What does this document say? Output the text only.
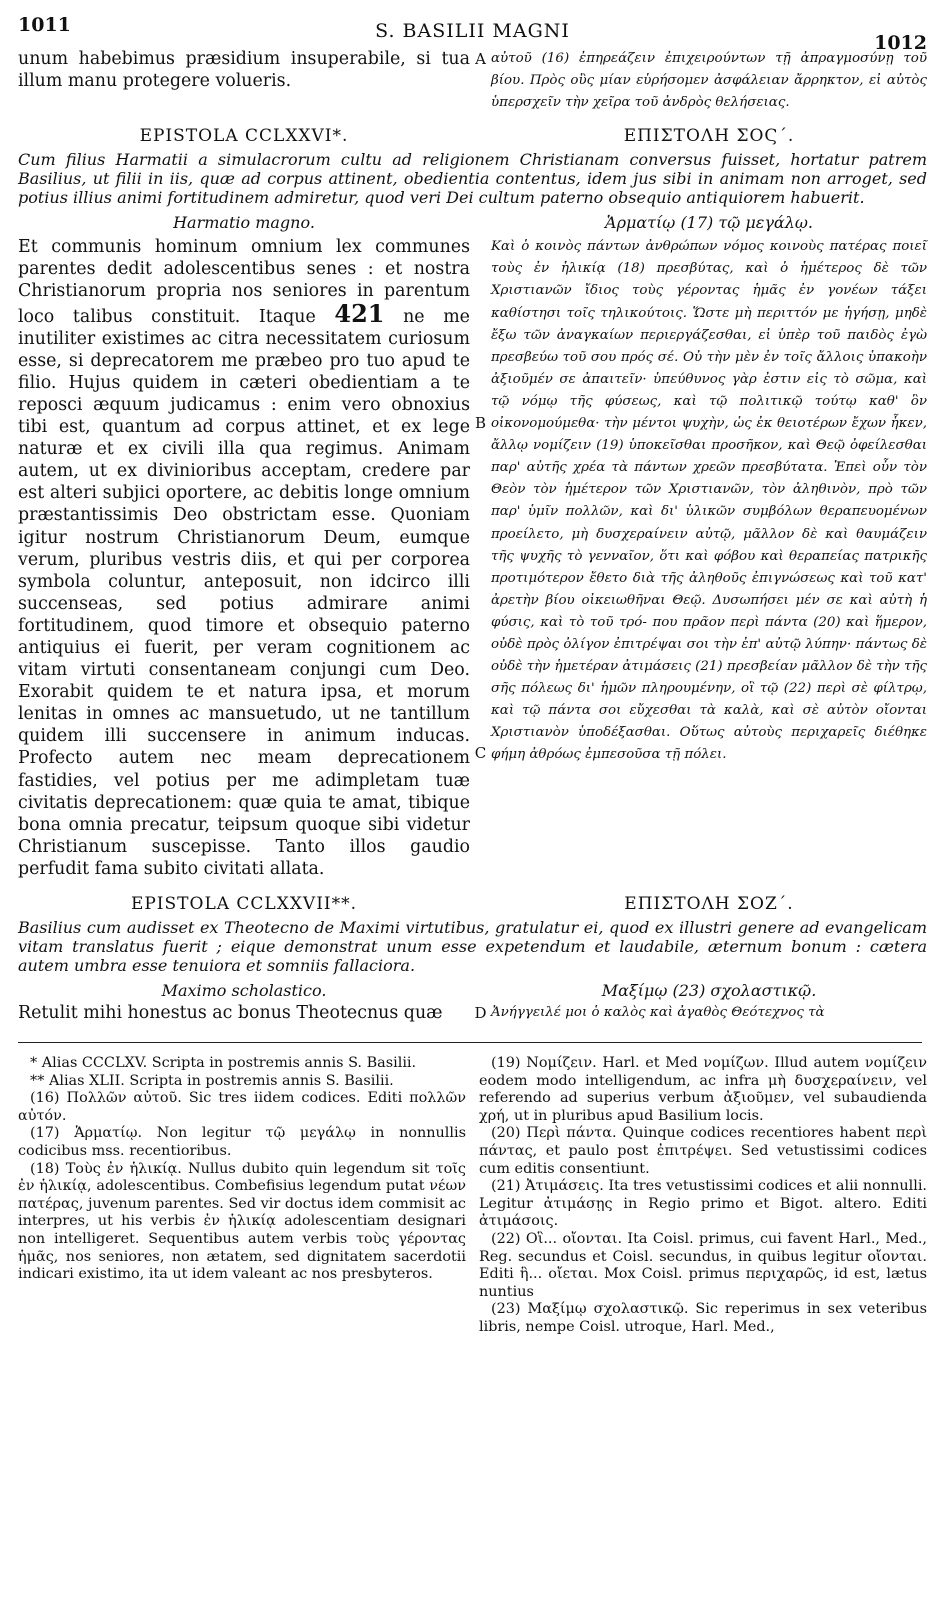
1011	S. BASILII MAGNI
1012
unum habebimus præsidium insuperabile, si tua illum manu protegere volueris.
A αὐτοῦ (16) ἐπηρεάζειν ἐπιχειρούντων τῇ ἀπραγμοσύνῃ τοῦ βίου. Πρὸς οὓς μίαν εὑρήσομεν ἀσφάλειαν ἄρρηκτον, εἰ αὐτὸς ὑπερσχεῖν τὴν χεῖρα τοῦ ἀνδρὸς θελήσειας.
EPISTOLA CCLXXVI*.	ΕΠΙΣΤΟΛΗ ΣΟϚ΄.
Cum filius Harmatii a simulacrorum cultu ad religionem Christianam conversus fuisset, hortatur patrem Basilius, ut filii in iis, quæ ad corpus attinent, obedientia contentus, idem jus sibi in animam non arroget, sed potius illius animi fortitudinem admiretur, quod veri Dei cultum paterno obsequio antiquiorem habuerit.
Harmatio magno.	Ἁρματίῳ (17) τῷ μεγάλῳ.
Et communis hominum omnium lex communes parentes dedit adolescentibus senes : et nostra Christianorum propria nos seniores in parentum loco talibus constituit. Itaque 421 ne me inutiliter existimes ac citra necessitatem curiosum esse, si deprecatorem me præbeo pro tuo apud te filio. Hujus quidem in cæteri obedientiam a te reposci æquum judicamus : enim vero obnoxius tibi est, quantum ad corpus attinet, et ex lege naturæ et ex civili illa qua regimus. Animam autem, ut ex divinioribus acceptam, credere par est alteri subjici oportere, ac debitis longe omnium præstantissimis Deo obstrictam esse. Quoniam igitur nostrum Christianorum Deum, eumque verum, pluribus vestris diis, et qui per corporea symbola coluntur, anteposuit, non idcirco illi succenseas, sed potius admirare animi fortitudinem, quod timore et obsequio paterno antiquius ei fuerit, per veram cognitionem ac vitam virtuti consentaneam conjungi cum Deo. Exorabit quidem te et natura ipsa, et morum lenitas in omnes ac mansuetudo, ut ne tantillum quidem illi succensere in animum inducas. Profecto autem nec meam deprecationem fastidies, vel potius per me adimpletam tuæ civitatis deprecationem: quæ quia te amat, tibique bona omnia precatur, teipsum quoque sibi videtur Christianum suscepisse. Tanto illos gaudio perfudit fama subito civitati allata.
B
C
Καὶ ὁ κοινὸς πάντων ἀνθρώπων νόμος κοινοὺς πατέρας ποιεῖ τοὺς ἐν ἡλικίᾳ (18) πρεσβύτας, καὶ ὁ ἡμέτερος δὲ τῶν Χριστιανῶν ἴδιος τοὺς γέροντας ἡμᾶς ἐν γονέων τάξει καθίστησι τοῖς τηλικούτοις. Ὥστε μὴ περιττόν με ἡγήσῃ, μηδὲ ἔξω τῶν ἀναγκαίων περιεργάζεσθαι, εἰ ὑπὲρ τοῦ παιδὸς ἐγὼ πρεσβεύω τοῦ σου πρός σέ. Οὐ τὴν μὲν ἐν τοῖς ἄλλοις ὑπακοὴν ἀξιοῦμέν σε ἀπαιτεῖν· ὑπεύθυνος γὰρ ἐστιν εἰς τὸ σῶμα, καὶ τῷ νόμῳ τῆς φύσεως, καὶ τῷ πολιτικῷ τούτῳ καθ' ὃν οἰκονομούμεθα· τὴν μέντοι ψυχὴν, ὡς ἐκ θειοτέρων ἔχων ἧκεν, ἄλλῳ νομίζειν (19) ὑποκεῖσθαι προσῆκον, καὶ Θεῷ ὀφείλεσθαι παρ' αὐτῆς χρέα τὰ πάντων χρεῶν πρεσβύτατα. Ἐπεὶ οὖν τὸν Θεὸν τὸν ἡμέτερον τῶν Χριστιανῶν, τὸν ἀληθινὸν, πρὸ τῶν παρ' ὑμῖν πολλῶν, καὶ δι' ὑλικῶν συμβόλων θεραπευομένων προείλετο, μὴ δυσχεραίνειν αὐτῷ, μᾶλλον δὲ καὶ θαυμάζειν τῆς ψυχῆς τὸ γενναῖον, ὅτι καὶ φόβου καὶ θεραπείας πατρικῆς προτιμότερον ἔθετο διὰ τῆς ἀληθοῦς ἐπιγνώσεως καὶ τοῦ κατ' ἀρετὴν βίου οἰκειωθῆναι Θεῷ. Δυσωπήσει μέν σε καὶ αὐτὴ ἡ φύσις, καὶ τὸ τοῦ τρό- που πρᾶον περὶ πάντα (20) καὶ ἥμερον, οὐδὲ πρὸς ὀλίγον ἐπιτρέψαι σοι τὴν ἐπ' αὐτῷ λύπην· πάντως δὲ οὐδὲ τὴν ἡμετέραν ἀτιμάσεις (21) πρεσβείαν μᾶλλον δὲ τὴν τῆς σῆς πόλεως δι' ἡμῶν πληρουμένην, οἳ τῷ (22) περὶ σὲ φίλτρῳ, καὶ τῷ πάντα σοι εὔχεσθαι τὰ καλὰ, καὶ σὲ αὐτὸν οἴονται Χριστιανὸν ὑποδέξασθαι. Οὕτως αὐτοὺς περιχαρεῖς διέθηκε φήμη ἀθρόως ἐμπεσοῦσα τῇ πόλει.
EPISTOLA CCLXXVII**.	ΕΠΙΣΤΟΛΗ ΣΟΖ΄.
Basilius cum audisset ex Theotecno de Maximi virtutibus, gratulatur ei, quod ex illustri genere ad evangelicam vitam translatus fuerit ; eique demonstrat unum esse expetendum et laudabile, æternum bonum : cætera autem umbra esse tenuiora et somniis fallaciora.
Maximo scholastico.	Μαξίμῳ (23) σχολαστικῷ.
Retulit mihi honestus ac bonus Theotecnus quæ	D Ἀνήγγειλέ μοι ὁ καλὸς καὶ ἀγαθὸς Θεότεχνος τὰ

* Alias CCCLXV. Scripta in postremis annis S. Basilii.

** Alias XLII. Scripta in postremis annis S. Basilii.

(16) Πολλῶν αὐτοῦ. Sic tres iidem codices. Editi πολλῶν αὐτόν.

(17) Ἁρματίῳ. Non legitur τῷ μεγάλῳ in nonnullis codicibus mss. recentioribus.

(18) Τοὺς ἐν ἡλικίᾳ. Nullus dubito quin legendum sit τοῖς ἐν ἡλικίᾳ, adolescentibus. Combefisius legendum putat νέων πατέρας, juvenum parentes. Sed vir doctus idem commisit ac interpres, ut his verbis ἐν ἡλικίᾳ adolescentiam designari non intelligeret. Sequentibus autem verbis τοὺς γέροντας ἡμᾶς, nos seniores, non ætatem, sed dignitatem sacerdotii indicari existimo, ita ut idem valeant ac nos presbyteros.

(19) Νομίζειν. Harl. et Med νομίζων. Illud autem νομίζειν eodem modo intelligendum, ac infra μὴ δυσχεραίνειν, vel referendo ad superius verbum ἀξιοῦμεν, vel subaudienda χρή, ut in pluribus apud Basilium locis.

(20) Περὶ πάντα. Quinque codices recentiores habent περὶ πάντας, et paulo post ἐπιτρέψει. Sed vetustissimi codices cum editis consentiunt.

(21) Ἀτιμάσεις. Ita tres vetustissimi codices et alii nonnulli. Legitur ἀτιμάσῃς in Regio primo et Bigot. altero. Editi ἀτιμάσοις.

(22) Οἳ... οἴονται. Ita Coisl. primus, cui favent Harl., Med., Reg. secundus et Coisl. secundus, in quibus legitur οἴονται. Editi ἣ... οἴεται. Mox Coisl. primus περιχαρῶς, id est, lætus nuntius

(23) Μαξίμῳ σχολαστικῷ. Sic reperimus in sex veteribus libris, nempe Coisl. utroque, Harl. Med.,
